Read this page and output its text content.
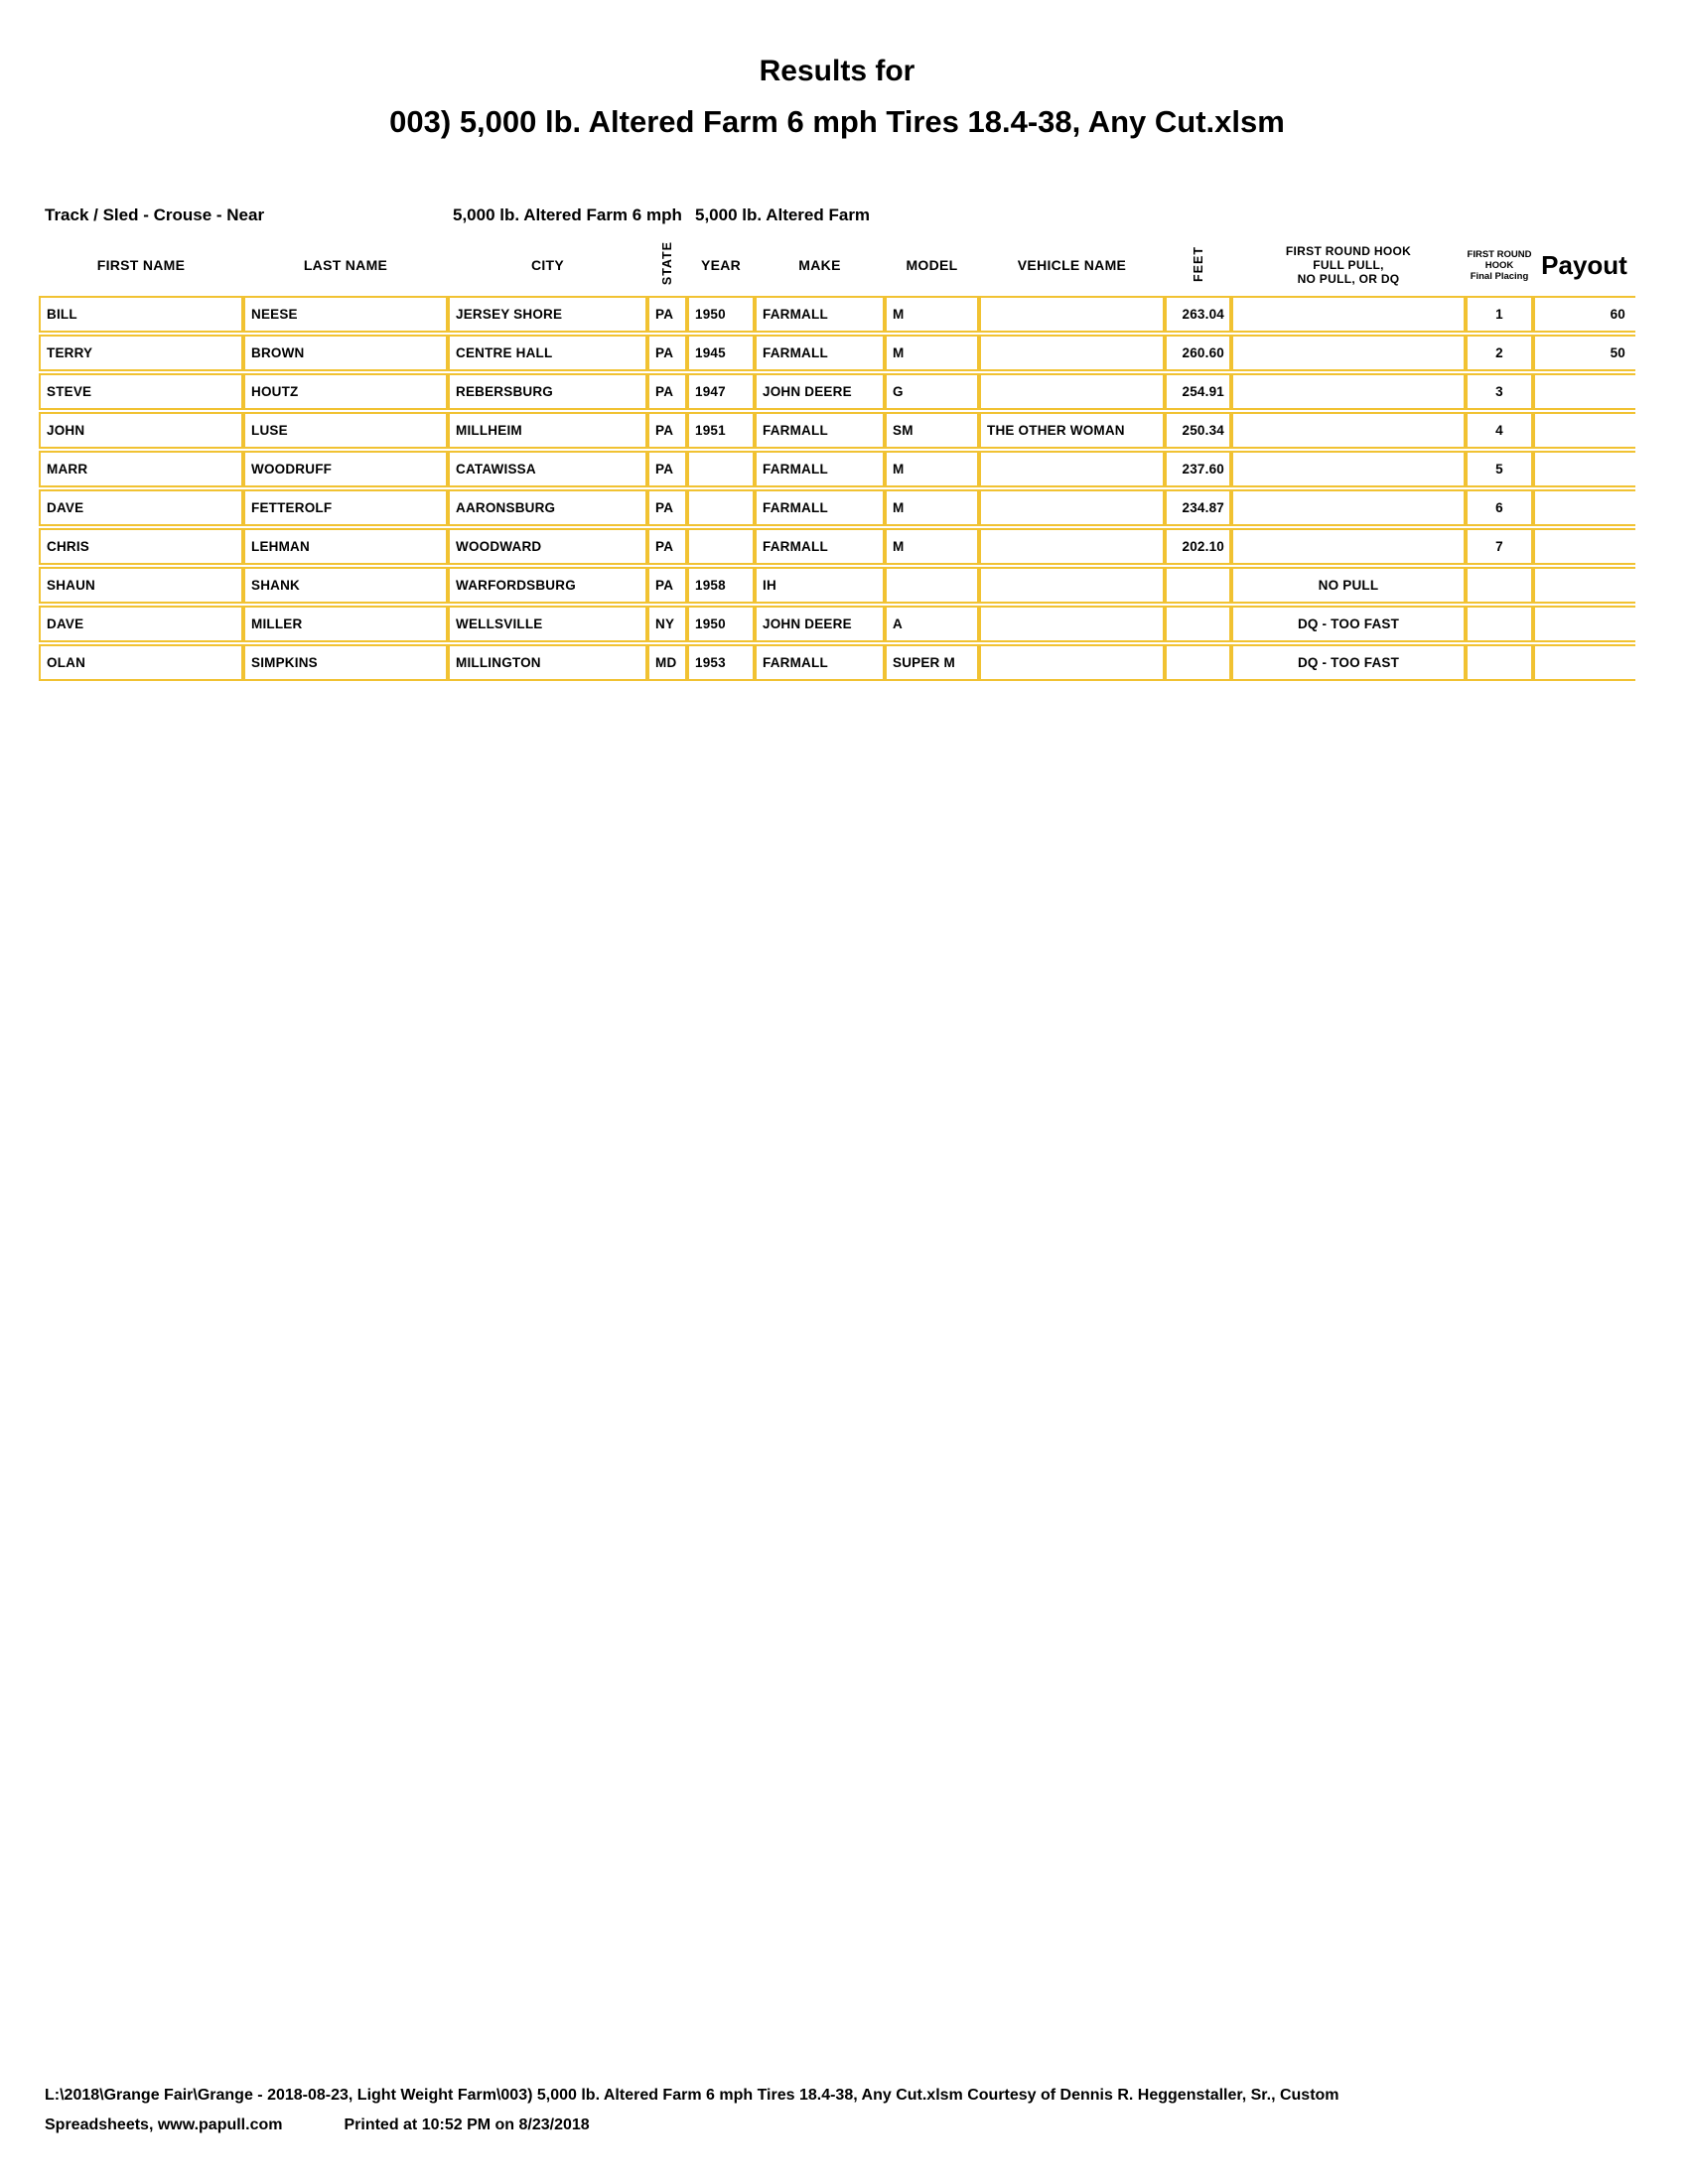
Results for
003) 5,000 lb. Altered Farm 6 mph Tires 18.4-38, Any Cut.xlsm
Track / Sled - Crouse - Near	5,000 lb. Altered Farm 6 mph 5,000 lb. Altered Farm
FIRST NAME	LAST NAME	CITY	STATE	YEAR	MAKE	MODEL	VEHICLE NAME	FEET	FIRST ROUND HOOK
FULL PULL,
NO PULL, OR DQ

FIRST ROUND
HOOK
Final Placing	Payout
BILL	NEESE	JERSEY SHORE	PA	1950	FARMALL	M		263.04		1	60
TERRY	BROWN	CENTRE HALL	PA	1945	FARMALL	M		260.60		2	50
STEVE	HOUTZ	REBERSBURG	PA	1947	JOHN DEERE	G		254.91		3	
JOHN	LUSE	MILLHEIM	PA	1951	FARMALL	SM	THE OTHER WOMAN	250.34		4	
MARR	WOODRUFF	CATAWISSA	PA		FARMALL	M		237.60		5	
DAVE	FETTEROLF	AARONSBURG	PA		FARMALL	M		234.87		6	
CHRIS	LEHMAN	WOODWARD	PA		FARMALL	M		202.10		7	
SHAUN	SHANK	WARFORDSBURG	PA	1958	IH				NO PULL		
DAVE	MILLER	WELLSVILLE	NY	1950	JOHN DEERE	A			DQ - TOO FAST		
OLAN	SIMPKINS	MILLINGTON	MD	1953	FARMALL	SUPER M			DQ - TOO FAST		
L:\2018\Grange Fair\Grange - 2018-08-23, Light Weight Farm\003) 5,000 lb. Altered Farm 6 mph Tires 18.4-38, Any Cut.xlsm Courtesy of Dennis R. Heggenstaller, Sr., Custom
Spreadsheets, www.papull.com	Printed at 10:52 PM on 8/23/2018
